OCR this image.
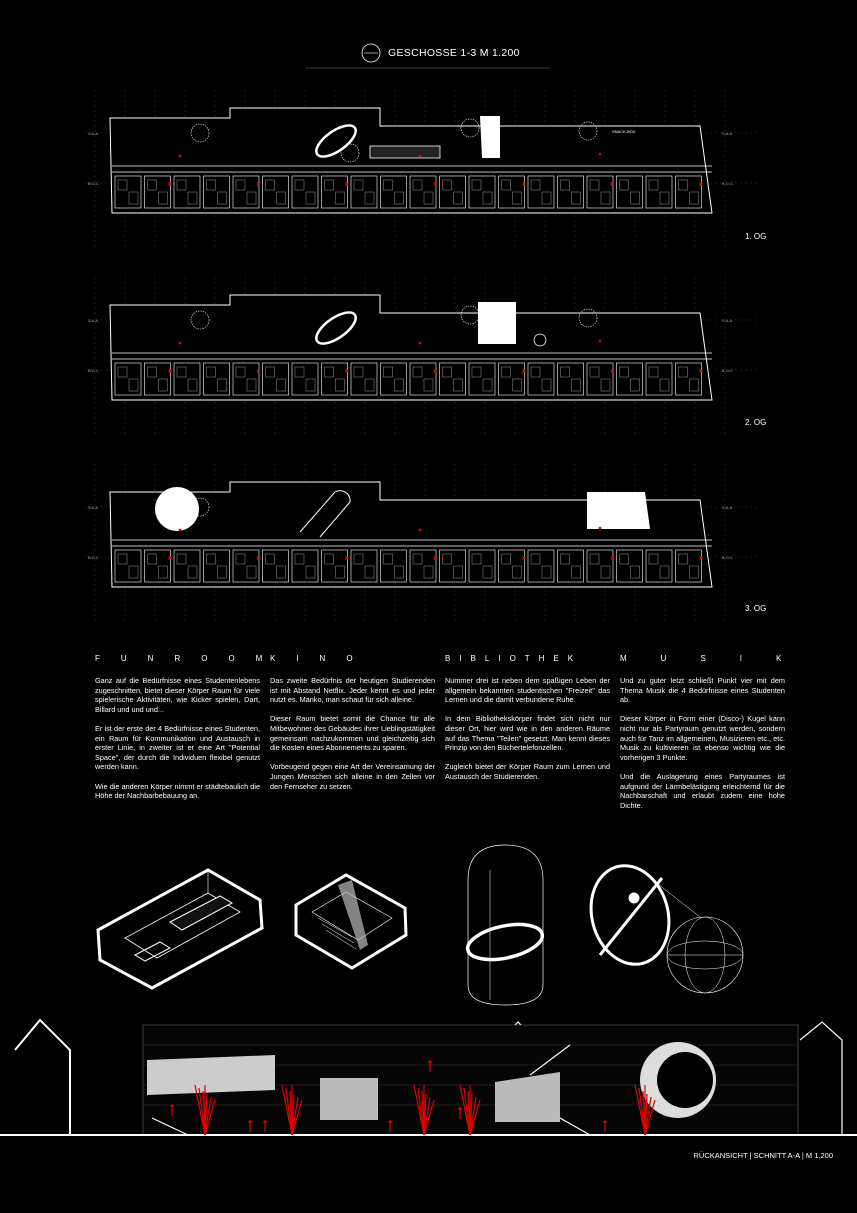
S.A.A
B.O.C
S.A.A
B.O.C
SNACK-BOX
S.A.A
B.O.C
S.A.A
B.O.C
S.A.A
B.O.C
S.A.A
B.O.C
GESCHOSSE 1-3 M 1.200
1. OG
2. OG
3. OG
FUNROOM
KINO	BIBLIOTHEK	MUSIK

Ganz auf die Bedürfnisse eines Studentenlebens zugeschnitten, bietet dieser Körper Raum für viele spielerische Aktivitäten, wie Kicker spielen, Dart, Billard und und und...

Er ist der erste der 4 Bedürfnisse eines Studenten, ein Raum für Kommunikation und Austausch in erster Linie, in zweiter ist er eine Art "Potential Space", der durch die Individuen flexibel genutzt werden kann.

Wie die anderen Körper nimmt er städtebaulich die Höhe der Nachbarbebauung an.

Das zweite Bedürfnis der heutigen Studierenden ist mit Abstand Netflix. Jeder kennt es und jeder nutzt es. Manko, man schaut für sich alleine.

Dieser Raum bietet somit die Chance für alle Mitbewohner des Gebäudes ihrer Lieblingstätigkeit gemeinsam nachzukommen und gleichzeitig sich die Kosten eines Abonnements zu sparen.

Vorbeugend gegen eine Art der Vereinsamung der Jungen Menschen sich alleine in den Zellen vor den Fernseher zu setzen.

Nummer drei ist neben dem spaßigen Leben der allgemein bekannten studentischen "Freizeit" das Lernen und die damit verbundene Ruhe.

In dem Bibliothekskörper findet sich nicht nur dieser Ort, hier wird wie in den anderen Räume auf das Thema "Teilen" gesetzt. Man kennt dieses Prinzip von den Büchertelefonzellen.

Zugleich bietet der Körper Raum zum Lernen und Austausch der Studierenden.

Und zu guter letzt schließt Punkt vier mit dem Thema Musik die 4 Bedürfnisse eines Studenten ab.

Dieser Körper in Form einer (Disco-) Kugel kann nicht nur als Partyraum genutzt werden, sondern auch für Tanz im allgemeinen, Musizieren etc., etc. Musik zu kultivieren ist ebenso wichtig wie die vorherigen 3 Punkte.

Und die Auslagerung eines Partyraumes ist aufgrund der Lärmbelästigung erleichternd für die Nachbarschaft und erlaubt zudem eine hohe Dichte.

RÜCKANSICHT | SCHNITT A-A | M 1.200
